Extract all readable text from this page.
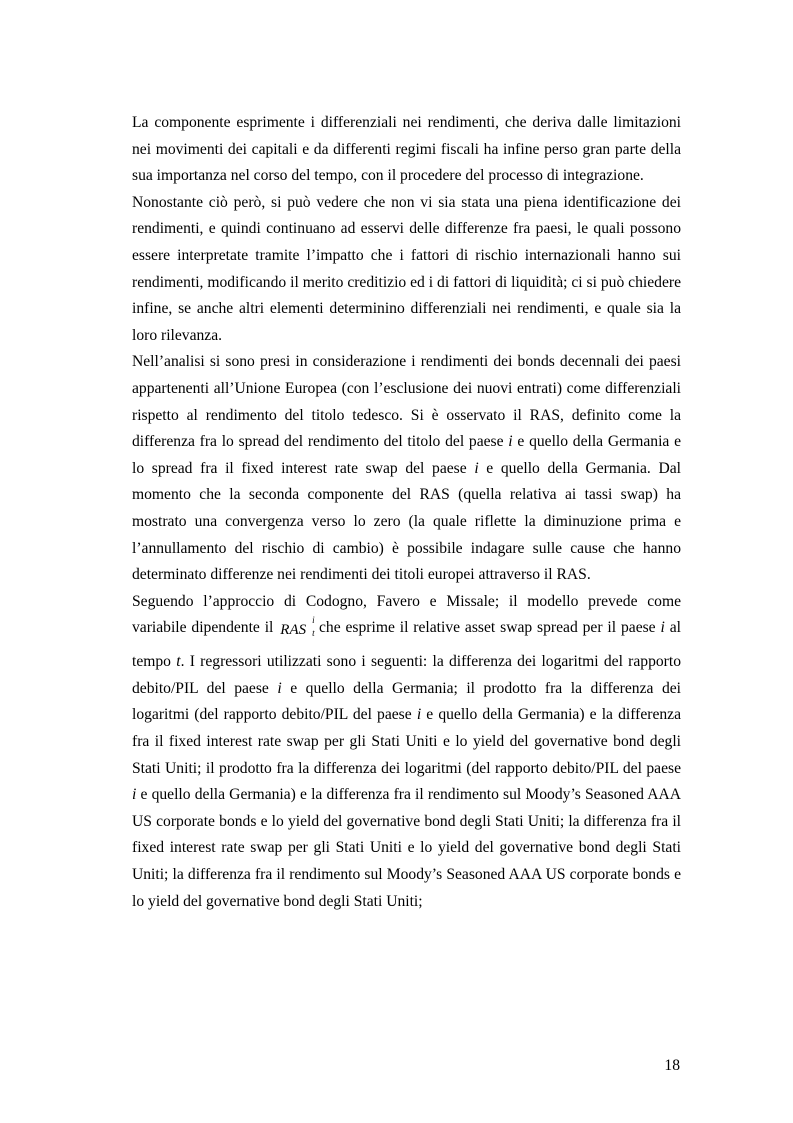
La componente esprimente i differenziali nei rendimenti, che deriva dalle limitazioni nei movimenti dei capitali e da differenti regimi fiscali ha infine perso gran parte della sua importanza nel corso del tempo, con il procedere del processo di integrazione.

Nonostante ciò però, si può vedere che non vi sia stata una piena identificazione dei rendimenti, e quindi continuano ad esservi delle differenze fra paesi, le quali possono essere interpretate tramite l’impatto che i fattori di rischio internazionali hanno sui rendimenti, modificando il merito creditizio ed i di fattori di liquidità; ci si può chiedere infine, se anche altri elementi determinino differenziali nei rendimenti, e quale sia la loro rilevanza.

Nell’analisi si sono presi in considerazione i rendimenti dei bonds decennali dei paesi appartenenti all’Unione Europea (con l’esclusione dei nuovi entrati) come differenziali rispetto al rendimento del titolo tedesco. Si è osservato il RAS, definito come la differenza fra lo spread del rendimento del titolo del paese i e quello della Germania e lo spread fra il fixed interest rate swap del paese i e quello della Germania. Dal momento che la seconda componente del RAS (quella relativa ai tassi swap) ha mostrato una convergenza verso lo zero (la quale riflette la diminuzione prima e l’annullamento del rischio di cambio) è possibile indagare sulle cause che hanno determinato differenze nei rendimenti dei titoli europei attraverso il RAS.

Seguendo l’approccio di Codogno, Favero e Missale; il modello prevede come variabile dipendente il RAS
i
t che esprime il relative asset swap spread per il paese i al tempo t. I regressori utilizzati sono i seguenti: la differenza dei logaritmi del rapporto debito/PIL del paese i e quello della Germania; il prodotto fra la differenza dei logaritmi (del rapporto debito/PIL del paese i e quello della Germania) e la differenza fra il fixed interest rate swap per gli Stati Uniti e lo yield del governative bond degli Stati Uniti; il prodotto fra la differenza dei logaritmi (del rapporto debito/PIL del paese i e quello della Germania) e la differenza fra il rendimento sul Moody’s Seasoned AAA US corporate bonds e lo yield del governative bond degli Stati Uniti; la differenza fra il fixed interest rate swap per gli Stati Uniti e lo yield del governative bond degli Stati Uniti; la differenza fra il rendimento sul Moody’s Seasoned AAA US corporate bonds e lo yield del governative bond degli Stati Uniti;

18
